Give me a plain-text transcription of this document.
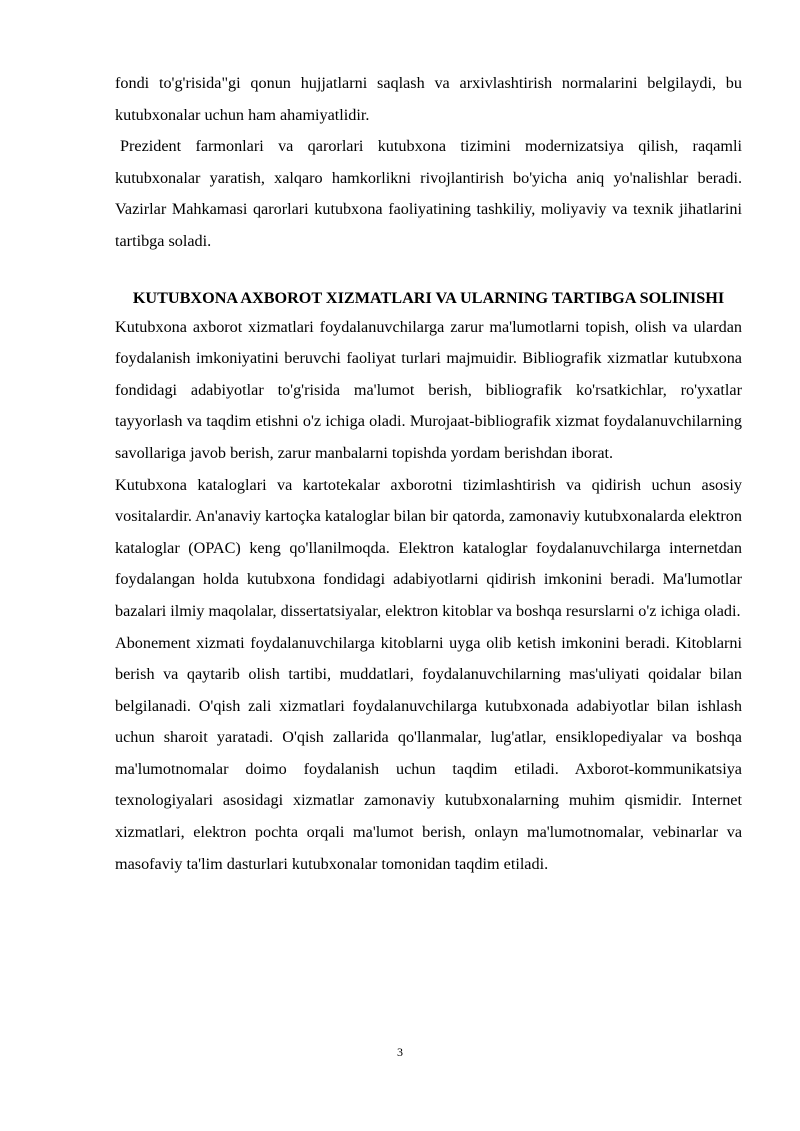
fondi to'g'risida"gi qonun hujjatlarni saqlash va arxivlashtirish normalarini belgilaydi, bu kutubxonalar uchun ham ahamiyatlidir.

Prezident farmonlari va qarorlari kutubxona tizimini modernizatsiya qilish, raqamli kutubxonalar yaratish, xalqaro hamkorlikni rivojlantirish bo'yicha aniq yo'nalishlar beradi. Vazirlar Mahkamasi qarorlari kutubxona faoliyatining tashkiliy, moliyaviy va texnik jihatlarini tartibga soladi.

KUTUBXONA AXBOROT XIZMATLARI VA ULARNING TARTIBGA SOLINISHI

Kutubxona axborot xizmatlari foydalanuvchilarga zarur ma'lumotlarni topish, olish va ulardan foydalanish imkoniyatini beruvchi faoliyat turlari majmuidir. Bibliografik xizmatlar kutubxona fondidagi adabiyotlar to'g'risida ma'lumot berish, bibliografik ko'rsatkichlar, ro'yxatlar tayyorlash va taqdim etishni o'z ichiga oladi. Murojaat-bibliografik xizmat foydalanuvchilarning savollariga javob berish, zarur manbalarni topishda yordam berishdan iborat.

Kutubxona kataloglari va kartotekalar axborotni tizimlashtirish va qidirish uchun asosiy vositalardir. An'anaviy kartoçka kataloglar bilan bir qatorda, zamonaviy kutubxonalarda elektron kataloglar (OPAC) keng qo'llanilmoqda. Elektron kataloglar foydalanuvchilarga internetdan foydalangan holda kutubxona fondidagi adabiyotlarni qidirish imkonini beradi. Ma'lumotlar bazalari ilmiy maqolalar, dissertatsiyalar, elektron kitoblar va boshqa resurslarni o'z ichiga oladi.

Abonement xizmati foydalanuvchilarga kitoblarni uyga olib ketish imkonini beradi. Kitoblarni berish va qaytarib olish tartibi, muddatlari, foydalanuvchilarning mas'uliyati qoidalar bilan belgilanadi. O'qish zali xizmatlari foydalanuvchilarga kutubxonada adabiyotlar bilan ishlash uchun sharoit yaratadi. O'qish zallarida qo'llanmalar, lug'atlar, ensiklopediyalar va boshqa ma'lumotnomalar doimo foydalanish uchun taqdim etiladi. Axborot-kommunikatsiya texnologiyalari asosidagi xizmatlar zamonaviy kutubxonalarning muhim qismidir. Internet xizmatlari, elektron pochta orqali ma'lumot berish, onlayn ma'lumotnomalar, vebinarlar va masofaviy ta'lim dasturlari kutubxonalar tomonidan taqdim etiladi.

3
